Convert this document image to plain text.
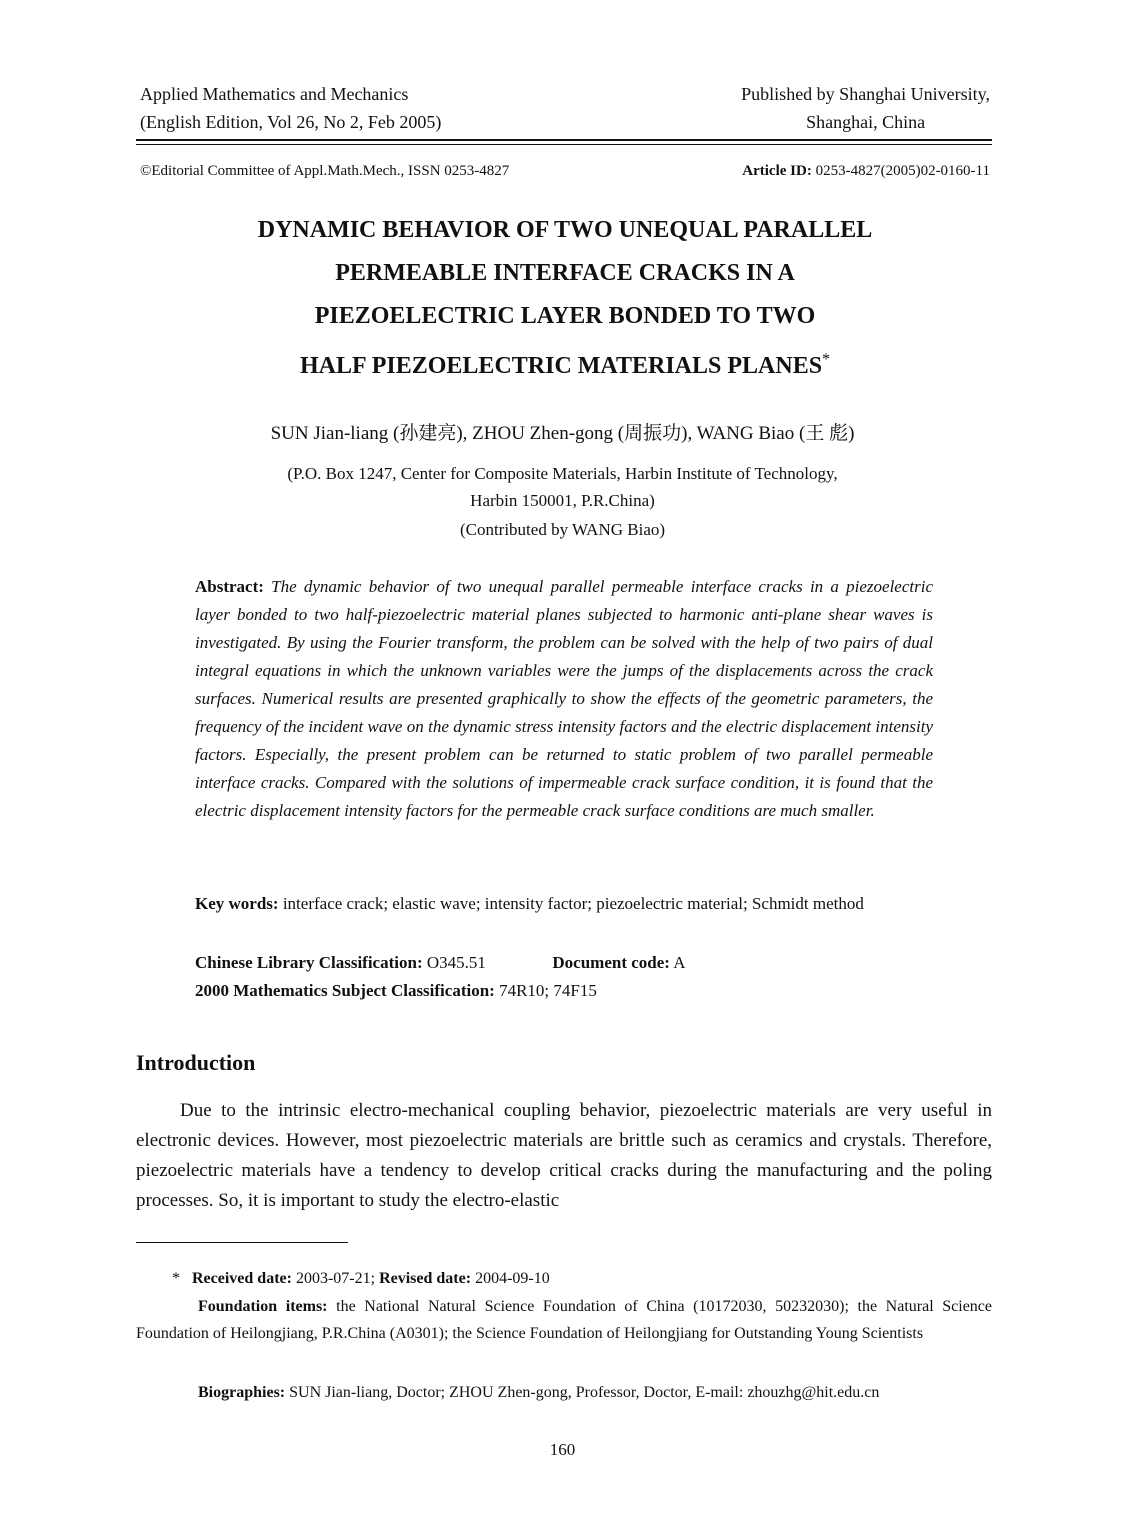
Applied Mathematics and Mechanics
(English Edition, Vol 26, No 2, Feb 2005)
Published by Shanghai University,
Shanghai, China
©Editorial Committee of Appl.Math.Mech., ISSN 0253-4827	Article ID: 0253-4827(2005)02-0160-11
DYNAMIC BEHAVIOR OF TWO UNEQUAL PARALLEL
PERMEABLE INTERFACE CRACKS IN A
PIEZOELECTRIC LAYER BONDED TO TWO
HALF PIEZOELECTRIC MATERIALS PLANES*
SUN Jian-liang (孙建亮), ZHOU Zhen-gong (周振功), WANG Biao (王 彪)
(P.O. Box 1247, Center for Composite Materials, Harbin Institute of Technology,
Harbin 150001, P.R.China)
(Contributed by WANG Biao)
Abstract: The dynamic behavior of two unequal parallel permeable interface cracks in a piezoelectric layer bonded to two half-piezoelectric material planes subjected to harmonic anti-plane shear waves is investigated. By using the Fourier transform, the problem can be solved with the help of two pairs of dual integral equations in which the unknown variables were the jumps of the displacements across the crack surfaces. Numerical results are presented graphically to show the effects of the geometric parameters, the frequency of the incident wave on the dynamic stress intensity factors and the electric displacement intensity factors. Especially, the present problem can be returned to static problem of two parallel permeable interface cracks. Compared with the solutions of impermeable crack surface condition, it is found that the electric displacement intensity factors for the permeable crack surface conditions are much smaller.
Key words: interface crack; elastic wave; intensity factor; piezoelectric material; Schmidt method
Chinese Library Classification: O345.51	Document code: A
2000 Mathematics Subject Classification: 74R10; 74F15
Introduction
Due to the intrinsic electro-mechanical coupling behavior, piezoelectric materials are very useful in electronic devices. However, most piezoelectric materials are brittle such as ceramics and crystals. Therefore, piezoelectric materials have a tendency to develop critical cracks during the manufacturing and the poling processes. So, it is important to study the electro-elastic
* Received date: 2003-07-21; Revised date: 2004-09-10
Foundation items: the National Natural Science Foundation of China (10172030, 50232030); the Natural Science Foundation of Heilongjiang, P.R.China (A0301); the Science Foundation of Heilongjiang for Outstanding Young Scientists
Biographies: SUN Jian-liang, Doctor; ZHOU Zhen-gong, Professor, Doctor, E-mail: zhouzhg@hit.edu.cn
160
